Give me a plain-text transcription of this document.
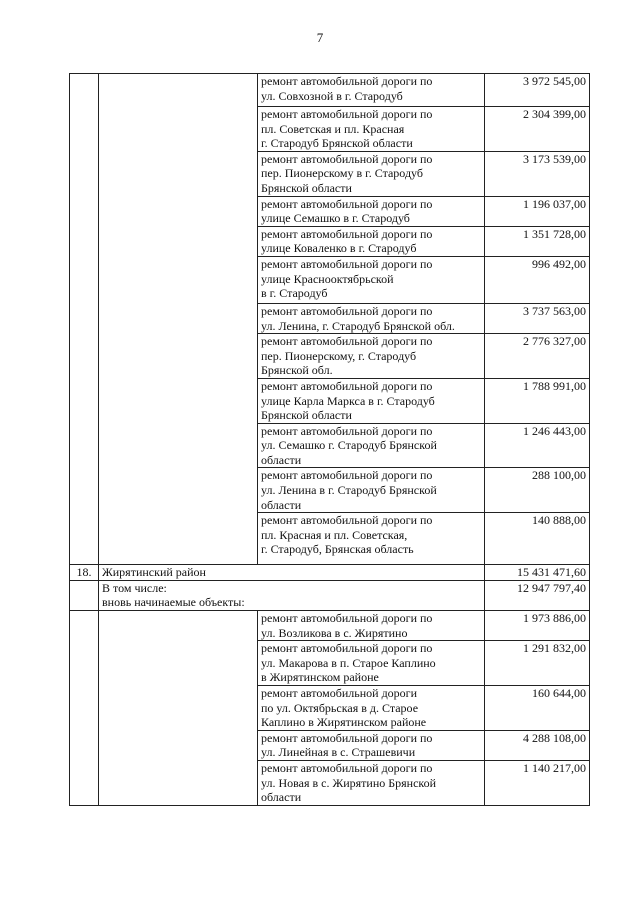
7
		ремонт автомобильной дороги по
ул. Совхозной в г. Стародуб	3 972 545,00
		ремонт автомобильной дороги по
пл. Советская и пл. Красная
г. Стародуб Брянской области	2 304 399,00
		ремонт автомобильной дороги по
пер. Пионерскому в г. Стародуб
Брянской области	3 173 539,00
		ремонт автомобильной дороги по
улице Семашко в г. Стародуб	1 196 037,00
		ремонт автомобильной дороги по
улице Коваленко в г. Стародуб	1 351 728,00
		ремонт автомобильной дороги по
улице Краснооктябрьской
в г. Стародуб	996 492,00
		ремонт автомобильной дороги по
ул. Ленина, г. Стародуб Брянской обл.	3 737 563,00
		ремонт автомобильной дороги по
пер. Пионерскому, г. Стародуб
Брянской обл.	2 776 327,00
		ремонт автомобильной дороги по
улице Карла Маркса в г. Стародуб
Брянской области	1 788 991,00
		ремонт автомобильной дороги по
ул. Семашко г. Стародуб Брянской
области	1 246 443,00
		ремонт автомобильной дороги по
ул. Ленина в г. Стародуб Брянской
области	288 100,00
		ремонт автомобильной дороги по
пл. Красная и пл. Советская,
г. Стародуб, Брянская область	140 888,00
18.	Жирятинский район		15 431 471,60
	В том числе:
вновь начинаемые объекты:		12 947 797,40
		ремонт автомобильной дороги по
ул. Возликова в с. Жирятино	1 973 886,00
		ремонт автомобильной дороги по
ул. Макарова в п. Старое Каплино
в Жирятинском районе	1 291 832,00
		ремонт автомобильной дороги
по ул. Октябрьская в д. Старое
Каплино в Жирятинском районе	160 644,00
		ремонт автомобильной дороги по
ул. Линейная в с. Страшевичи	4 288 108,00
		ремонт автомобильной дороги по
ул. Новая в с. Жирятино Брянской
области	1 140 217,00
